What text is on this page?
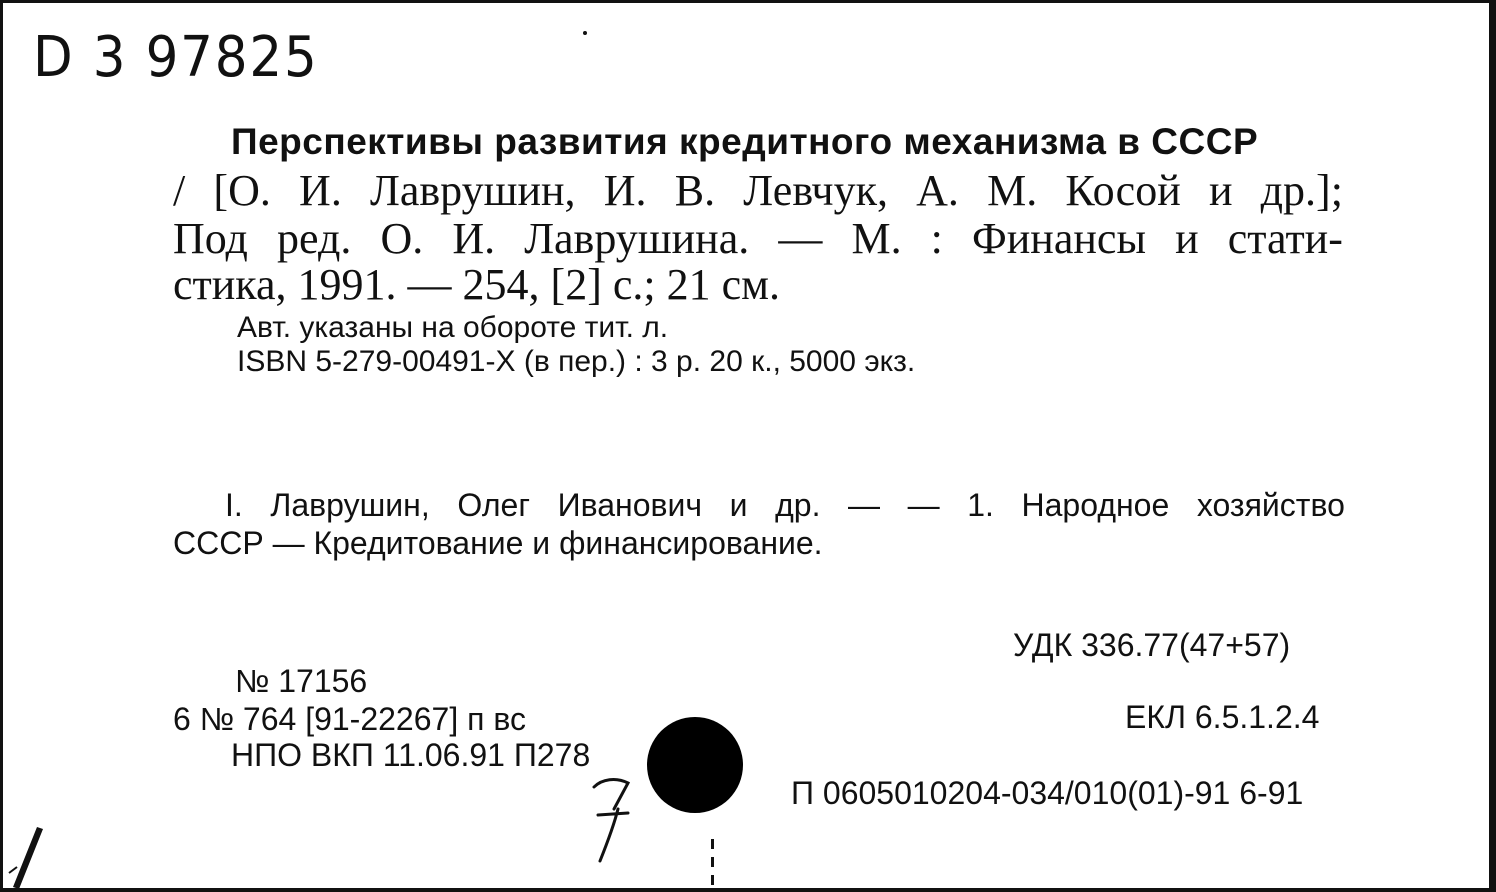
D 3 97825
Перспективы развития кредитного механизма в СССР
/ [О. И. Лаврушин, И. В. Левчук, А. М. Косой и др.];
Под ред. О. И. Лаврушина. — М. : Финансы и стати-
стика, 1991. — 254, [2] с.; 21 см.
Авт. указаны на обороте тит. л.
ISBN 5-279-00491-X (в пер.) : 3 р. 20 к., 5000 экз.
I. Лаврушин, Олег Иванович и др. — — 1. Народное хозяйство
СССР — Кредитование и финансирование.
УДК 336.77(47+57)
ЕКЛ 6.5.1.2.4
П 0605010204-034/010(01)-91 6-91
№ 17156
6 № 764 [91-22267] п вс
НПО ВКП 11.06.91 П278
